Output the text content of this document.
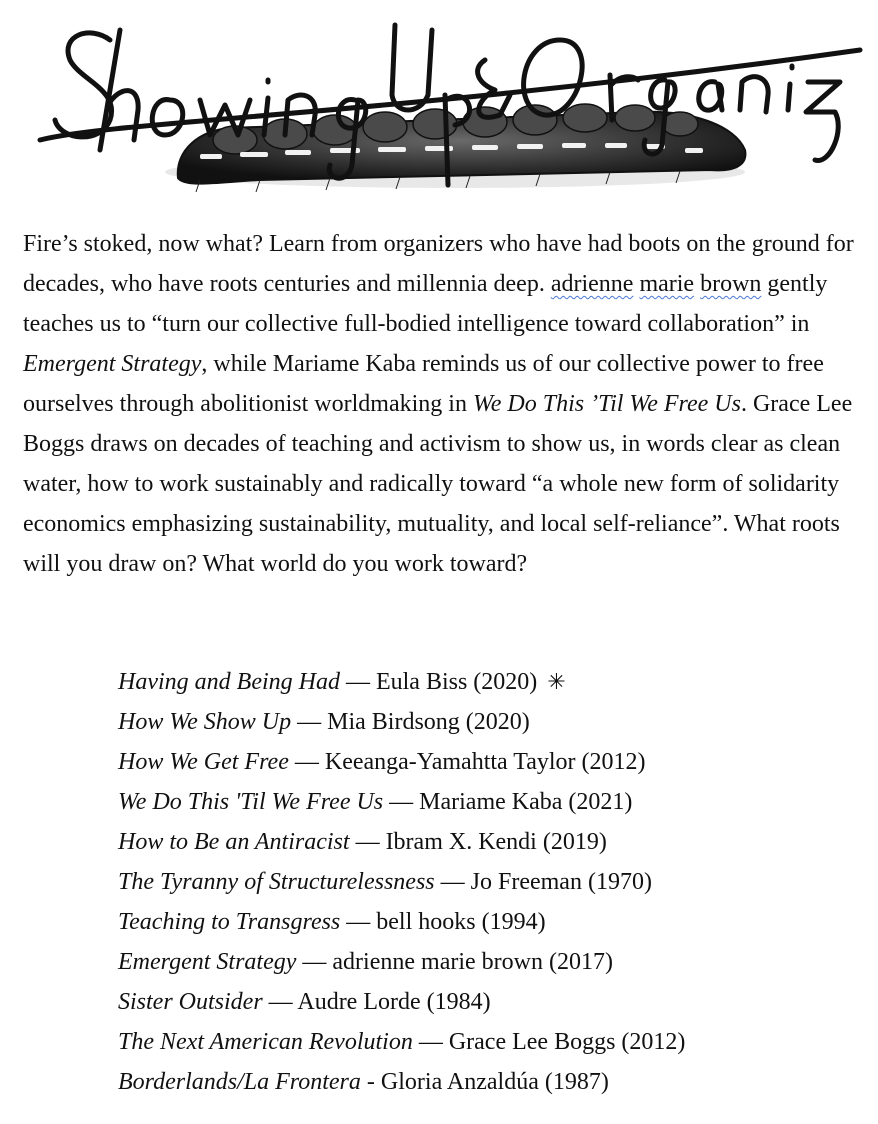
Fire’s stoked, now what? Learn from organizers who have had boots on the ground for decades, who have roots centuries and millennia deep. adrienne marie brown gently teaches us to “turn our collective full-bodied intelligence toward collaboration” in Emergent Strategy, while Mariame Kaba reminds us of our collective power to free ourselves through abolitionist worldmaking in We Do This ’Til We Free Us. Grace Lee Boggs draws on decades of teaching and activism to show us, in words clear as clean water, how to work sustainably and radically toward “a whole new form of solidarity economics emphasizing sustainability, mutuality, and local self-reliance”. What roots will you draw on? What world do you work toward?

Having and Being Had — Eula Biss (2020) ✳
How We Show Up — Mia Birdsong (2020)
How We Get Free — Keeanga-Yamahtta Taylor (2012)
We Do This 'Til We Free Us — Mariame Kaba (2021)
How to Be an Antiracist — Ibram X. Kendi (2019)
The Tyranny of Structurelessness — Jo Freeman (1970)
Teaching to Transgress — bell hooks (1994)
Emergent Strategy — adrienne marie brown (2017)
Sister Outsider — Audre Lorde (1984)
The Next American Revolution — Grace Lee Boggs (2012)
Borderlands/La Frontera - Gloria Anzaldúa (1987)
